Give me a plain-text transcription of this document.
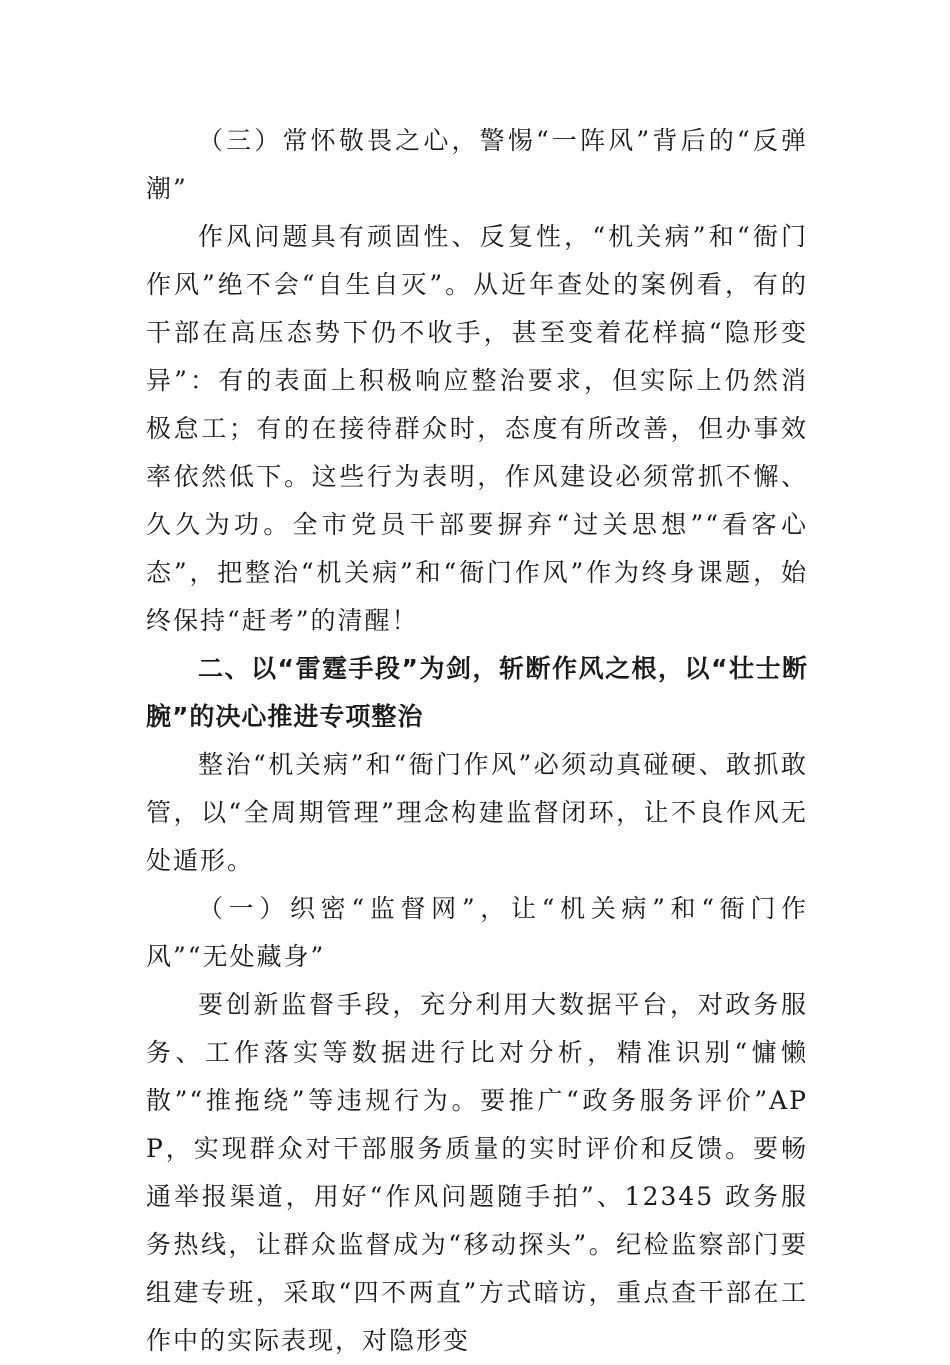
（三）常怀敬畏之心，警惕“一阵风”背后的“反弹潮”

作风问题具有顽固性、反复性，“机关病”和“衙门作风”绝不会“自生自灭”。从近年查处的案例看，有的干部在高压态势下仍不收手，甚至变着花样搞“隐形变异”：有的表面上积极响应整治要求，但实际上仍然消极怠工；有的在接待群众时，态度有所改善，但办事效率依然低下。这些行为表明，作风建设必须常抓不懈、久久为功。全市党员干部要摒弃“过关思想”“看客心态”，把整治“机关病”和“衙门作风”作为终身课题，始终保持“赶考”的清醒！

二、以“雷霆手段”为剑，斩断作风之根，以“壮士断腕”的决心推进专项整治

整治“机关病”和“衙门作风”必须动真碰硬、敢抓敢管，以“全周期管理”理念构建监督闭环，让不良作风无处遁形。

（一）织密“监督网”，让“机关病”和“衙门作风”“无处藏身”

要创新监督手段，充分利用大数据平台，对政务服务、工作落实等数据进行比对分析，精准识别“慵懒散”“推拖绕”等违规行为。要推广“政务服务评价”APP，实现群众对干部服务质量的实时评价和反馈。要畅通举报渠道，用好“作风问题随手拍”、12345 政务服务热线，让群众监督成为“移动探头”。纪检监察部门要组建专班，采取“四不两直”方式暗访，重点查干部在工作中的实际表现，对隐形变
